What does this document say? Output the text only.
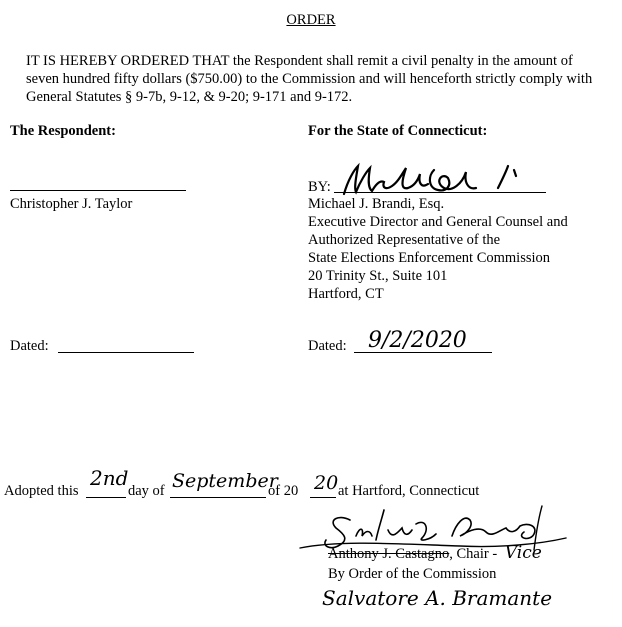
ORDER
IT IS HEREBY ORDERED THAT the Respondent shall remit a civil penalty in the amount of seven hundred fifty dollars ($750.00) to the Commission and will henceforth strictly comply with General Statutes § 9-7b, 9-12, & 9-20; 9-171 and 9-172.
The Respondent:	For the State of Connecticut:
Christopher J. Taylor
BY:
Michael J. Brandi, Esq.
Executive Director and General Counsel and
Authorized Representative of the
State Elections Enforcement Commission
20 Trinity St., Suite 101
Hartford, CT
Dated:	Dated: 9/2/2020
Adopted this
2nd
day of September
of 20 20 at Hartford, Connecticut
Anthony J. Castagno, Chair - Vice
By Order of the Commission
Salvatore A. Bramante
